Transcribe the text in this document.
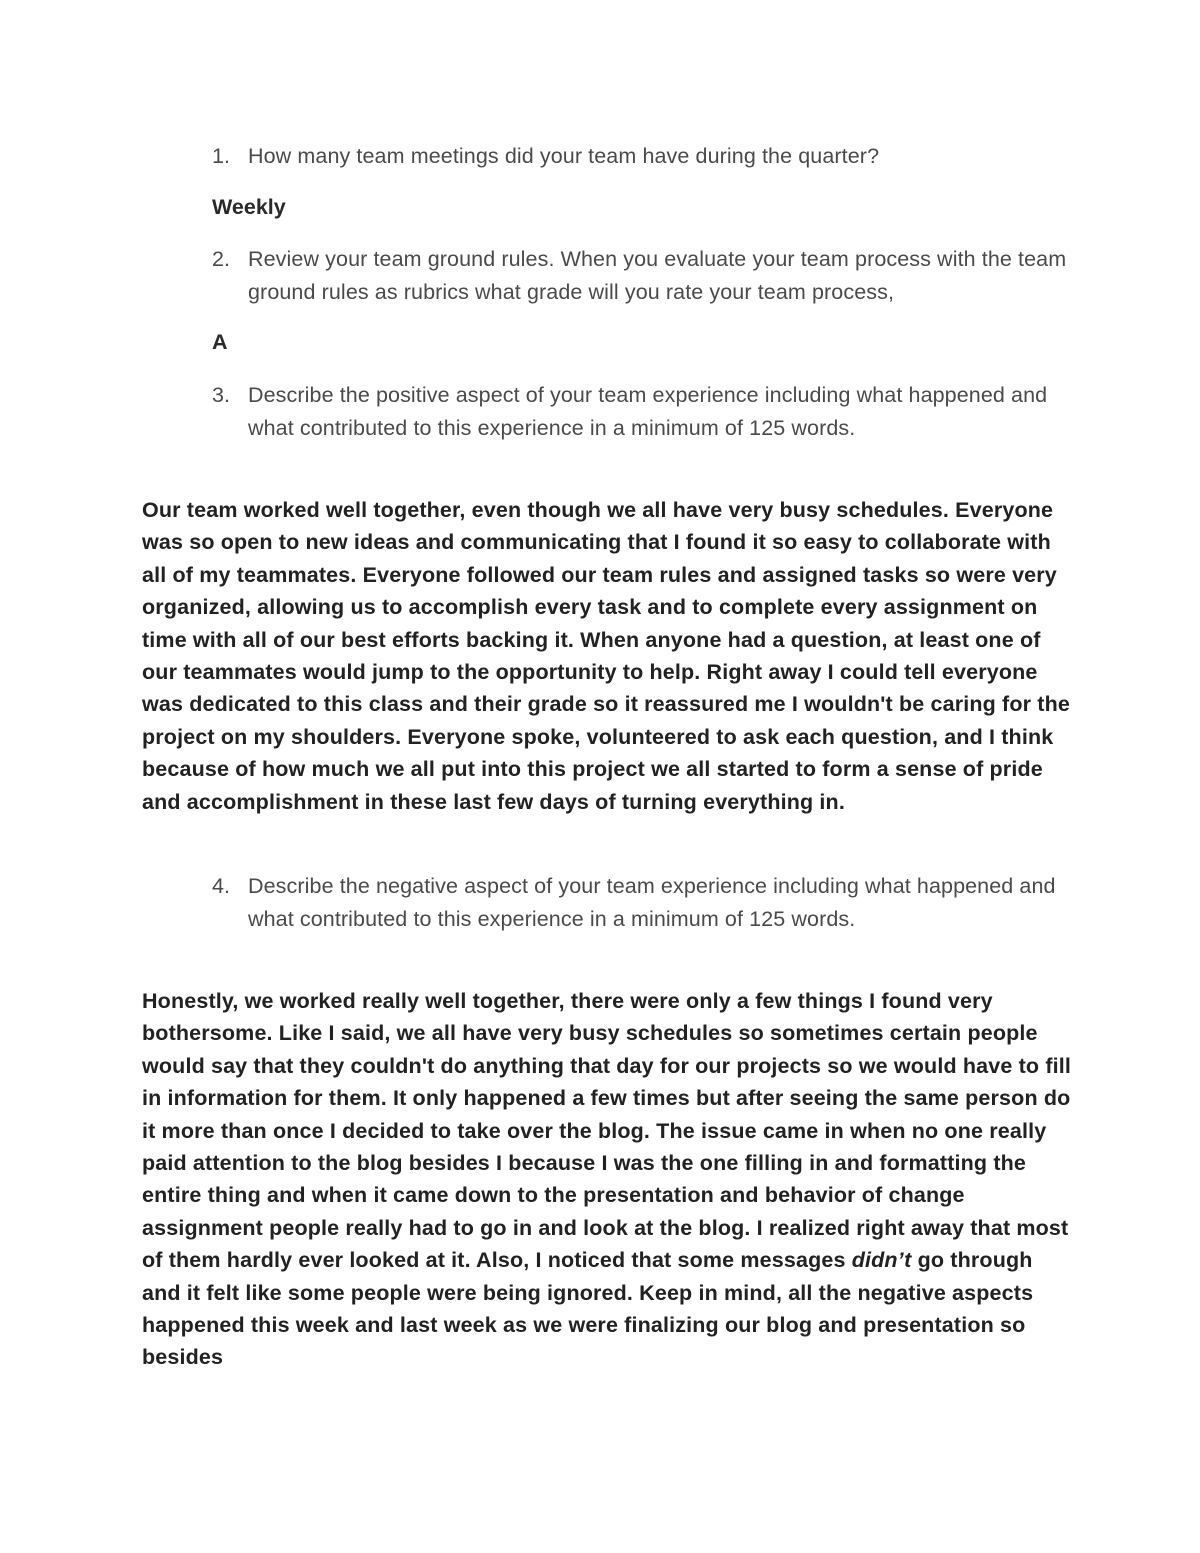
1. How many team meetings did your team have during the quarter?
Weekly
2. Review your team ground rules. When you evaluate your team process with the team ground rules as rubrics what grade will you rate your team process,
A
3. Describe the positive aspect of your team experience including what happened and what contributed to this experience in a minimum of 125 words.
Our team worked well together, even though we all have very busy schedules. Everyone was so open to new ideas and communicating that I found it so easy to collaborate with all of my teammates. Everyone followed our team rules and assigned tasks so were very organized, allowing us to accomplish every task and to complete every assignment on time with all of our best efforts backing it. When anyone had a question, at least one of our teammates would jump to the opportunity to help. Right away I could tell everyone was dedicated to this class and their grade so it reassured me I wouldn't be caring for the project on my shoulders. Everyone spoke, volunteered to ask each question, and I think because of how much we all put into this project we all started to form a sense of pride and accomplishment in these last few days of turning everything in.
4. Describe the negative aspect of your team experience including what happened and what contributed to this experience in a minimum of 125 words.
Honestly, we worked really well together, there were only a few things I found very bothersome. Like I said, we all have very busy schedules so sometimes certain people would say that they couldn't do anything that day for our projects so we would have to fill in information for them. It only happened a few times but after seeing the same person do it more than once I decided to take over the blog. The issue came in when no one really paid attention to the blog besides I because I was the one filling in and formatting the entire thing and when it came down to the presentation and behavior of change assignment people really had to go in and look at the blog. I realized right away that most of them hardly ever looked at it. Also, I noticed that some messages didn’t go through and it felt like some people were being ignored. Keep in mind, all the negative aspects happened this week and last week as we were finalizing our blog and presentation so besides
